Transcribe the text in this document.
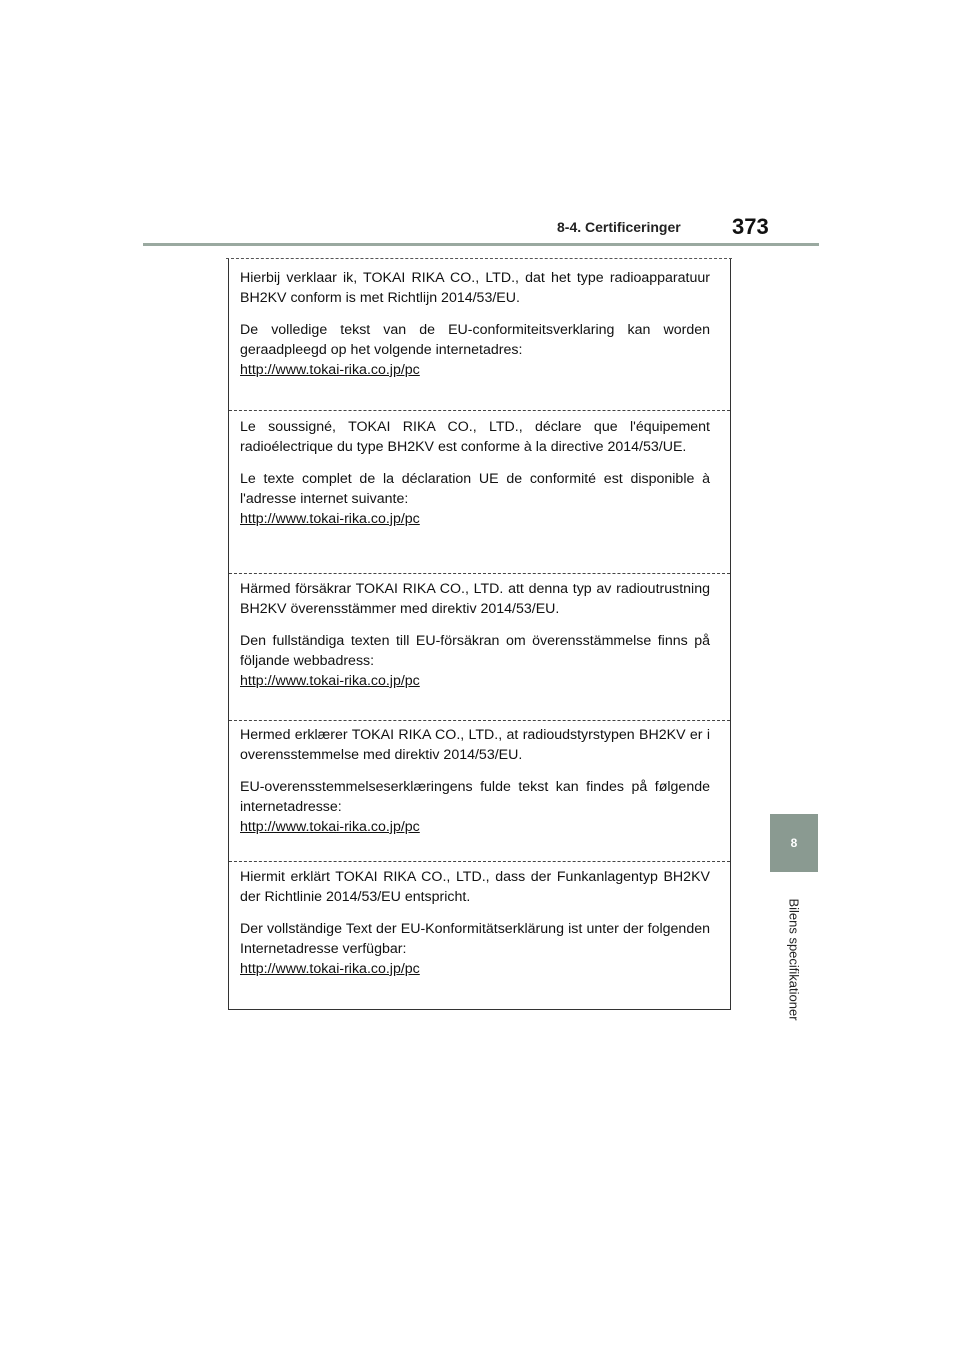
8-4. Certificeringer 373
8
Bilens specifikationer

Hierbij verklaar ik, TOKAI RIKA CO., LTD., dat het type radioapparatuur BH2KV conform is met Richtlijn 2014/53/EU.

De volledige tekst van de EU-conformiteitsverklaring kan worden geraadpleegd op het volgende internetadres:

http://www.tokai-rika.co.jp/pc

Le soussigné, TOKAI RIKA CO., LTD., déclare que l'équipement radioélectrique du type BH2KV est conforme à la directive 2014/53/UE.

Le texte complet de la déclaration UE de conformité est disponible à l'adresse internet suivante:

http://www.tokai-rika.co.jp/pc

Härmed försäkrar TOKAI RIKA CO., LTD. att denna typ av radioutrustning BH2KV överensstämmer med direktiv 2014/53/EU.

Den fullständiga texten till EU-försäkran om överensstämmelse finns på följande webbadress:

http://www.tokai-rika.co.jp/pc

Hermed erklærer TOKAI RIKA CO., LTD., at radioudstyrstypen BH2KV er i overensstemmelse med direktiv 2014/53/EU.

EU-overensstemmelseserklæringens fulde tekst kan findes på følgende internetadresse:

http://www.tokai-rika.co.jp/pc

Hiermit erklärt TOKAI RIKA CO., LTD., dass der Funkanlagentyp BH2KV der Richtlinie 2014/53/EU entspricht.

Der vollständige Text der EU-Konformitätserklärung ist unter der folgenden Internetadresse verfügbar:

http://www.tokai-rika.co.jp/pc
